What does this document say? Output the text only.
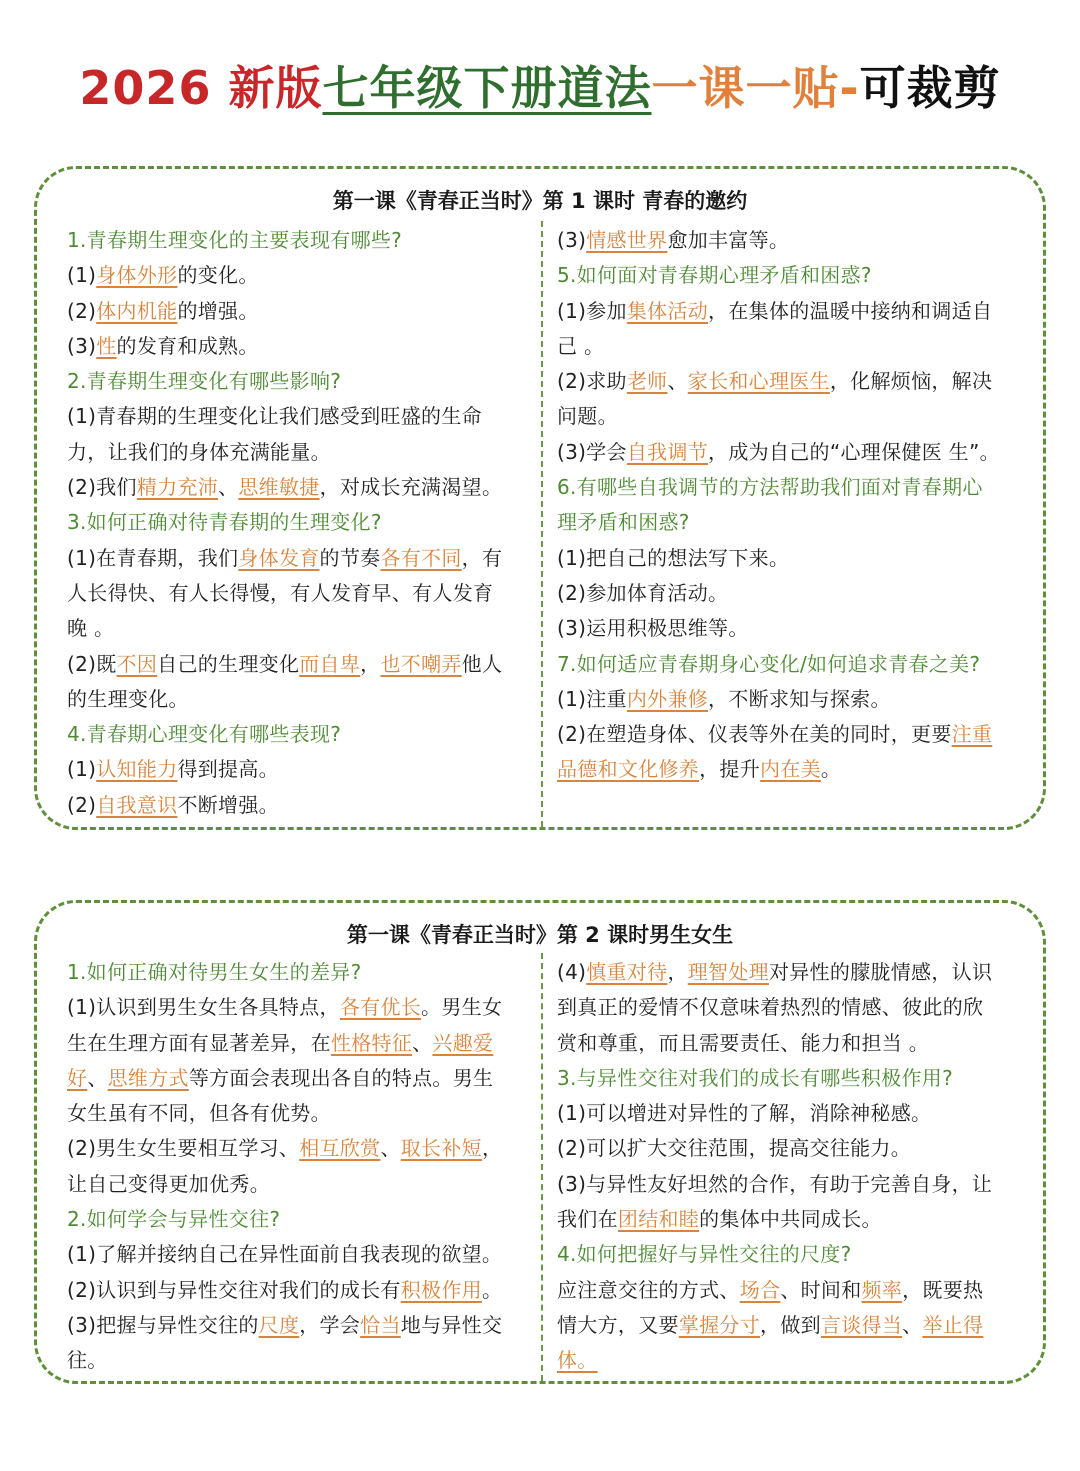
2026 新版七年级下册道法一课一贴-可裁剪
第一课《青春正当时》第 1 课时 青春的邀约
1.青春期生理变化的主要表现有哪些?
(1)身体外形的变化。
(2)体内机能的增强。
(3)性的发育和成熟。
2.青春期生理变化有哪些影响?
(1)青春期的生理变化让我们感受到旺盛的生命
力，让我们的身体充满能量。
(2)我们精力充沛、思维敏捷，对成长充满渴望。
3.如何正确对待青春期的生理变化?
(1)在青春期，我们身体发育的节奏各有不同，有
人长得快、有人长得慢，有人发育早、有人发育
晚 。
(2)既不因自己的生理变化而自卑，也不嘲弄他人
的生理变化。
4.青春期心理变化有哪些表现?
(1)认知能力得到提高。
(2)自我意识不断增强。
(3)情感世界愈加丰富等。
5.如何面对青春期心理矛盾和困惑?
(1)参加集体活动，在集体的温暖中接纳和调适自
己 。
(2)求助老师、家长和心理医生，化解烦恼，解决
问题。
(3)学会自我调节，成为自己的“心理保健医 生”。
6.有哪些自我调节的方法帮助我们面对青春期心
理矛盾和困惑?
(1)把自己的想法写下来。
(2)参加体育活动。
(3)运用积极思维等。
7.如何适应青春期身心变化/如何追求青春之美?
(1)注重内外兼修，不断求知与探索。
(2)在塑造身体、仪表等外在美的同时，更要注重
品德和文化修养，提升内在美。
第一课《青春正当时》第 2 课时男生女生
1.如何正确对待男生女生的差异?
(1)认识到男生女生各具特点，各有优长。男生女
生在生理方面有显著差异，在性格特征、兴趣爱
好、思维方式等方面会表现出各自的特点。男生
女生虽有不同，但各有优势。
(2)男生女生要相互学习、相互欣赏、取长补短，
让自己变得更加优秀。
2.如何学会与异性交往?
(1)了解并接纳自己在异性面前自我表现的欲望。
(2)认识到与异性交往对我们的成长有积极作用。
(3)把握与异性交往的尺度，学会恰当地与异性交
往。
(4)慎重对待，理智处理对异性的朦胧情感，认识
到真正的爱情不仅意味着热烈的情感、彼此的欣
赏和尊重，而且需要责任、能力和担当 。
3.与异性交往对我们的成长有哪些积极作用?
(1)可以增进对异性的了解，消除神秘感。
(2)可以扩大交往范围，提高交往能力。
(3)与异性友好坦然的合作，有助于完善自身，让
我们在团结和睦的集体中共同成长。
4.如何把握好与异性交往的尺度?
应注意交往的方式、场合、时间和频率，既要热
情大方，又要掌握分寸，做到言谈得当、举止得
体。
